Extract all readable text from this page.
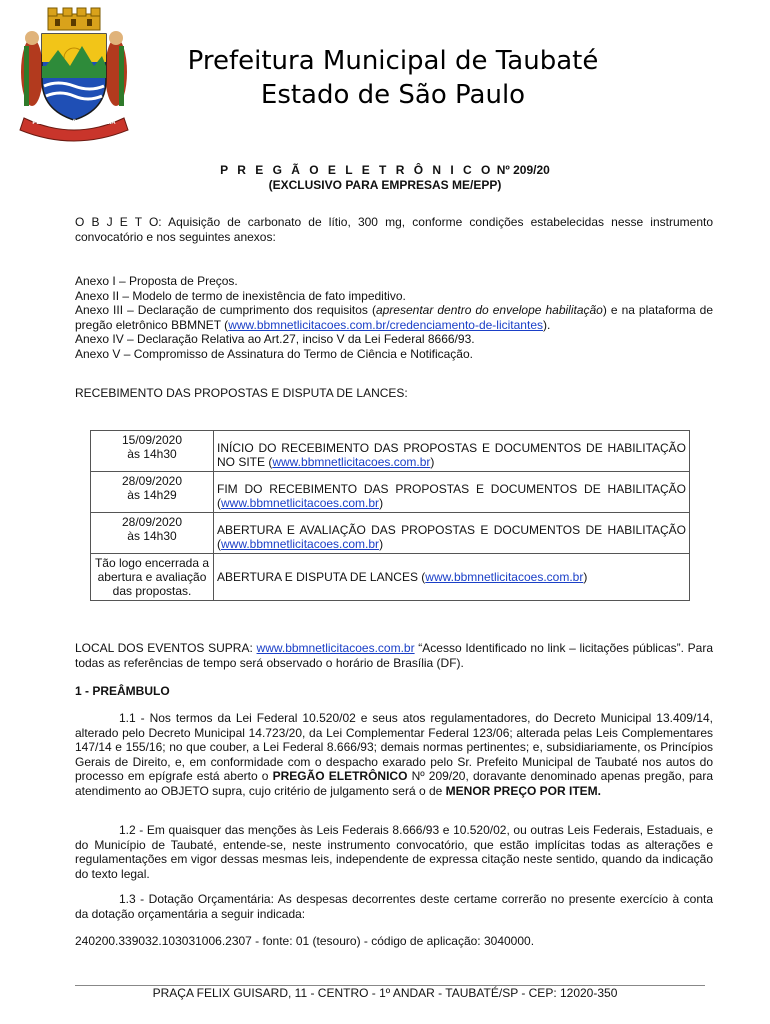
PER ASPERA PRO BRASILIA
Prefeitura Municipal de Taubaté
Estado de São Paulo
P R E G Ã O E L E T R Ô N I C O Nº 209/20
(EXCLUSIVO PARA EMPRESAS ME/EPP)
O B J E T O: Aquisição de carbonato de lítio, 300 mg, conforme condições estabelecidas nesse instrumento convocatório e nos seguintes anexos:
Anexo I – Proposta de Preços.
Anexo II – Modelo de termo de inexistência de fato impeditivo.
Anexo III – Declaração de cumprimento dos requisitos (apresentar dentro do envelope habilitação) e na plataforma de pregão eletrônico BBMNET (www.bbmnetlicitacoes.com.br/credenciamento-de-licitantes).
Anexo IV – Declaração Relativa ao Art.27, inciso V da Lei Federal 8666/93.
Anexo V – Compromisso de Assinatura do Termo de Ciência e Notificação.
RECEBIMENTO DAS PROPOSTAS E DISPUTA DE LANCES:
15/09/2020
às 14h30	INÍCIO DO RECEBIMENTO DAS PROPOSTAS E DOCUMENTOS DE HABILITAÇÃO NO SITE (www.bbmnetlicitacoes.com.br)

28/09/2020
às 14h29	FIM DO RECEBIMENTO DAS PROPOSTAS E DOCUMENTOS DE HABILITAÇÃO (www.bbmnetlicitacoes.com.br)

28/09/2020
às 14h30	ABERTURA E AVALIAÇÃO DAS PROPOSTAS E DOCUMENTOS DE HABILITAÇÃO (www.bbmnetlicitacoes.com.br)

Tão logo encerrada a abertura e avaliação das propostas.	ABERTURA E DISPUTA DE LANCES (www.bbmnetlicitacoes.com.br)
LOCAL DOS EVENTOS SUPRA: www.bbmnetlicitacoes.com.br “Acesso Identificado no link – licitações públicas”. Para todas as referências de tempo será observado o horário de Brasília (DF).
1 - PREÂMBULO
1.1 - Nos termos da Lei Federal 10.520/02 e seus atos regulamentadores, do Decreto Municipal 13.409/14, alterado pelo Decreto Municipal 14.723/20, da Lei Complementar Federal 123/06; alterada pelas Leis Complementares 147/14 e 155/16; no que couber, a Lei Federal 8.666/93; demais normas pertinentes; e, subsidiariamente, os Princípios Gerais de Direito, e, em conformidade com o despacho exarado pelo Sr. Prefeito Municipal de Taubaté nos autos do processo em epígrafe está aberto o PREGÃO ELETRÔNICO Nº 209/20, doravante denominado apenas pregão, para atendimento ao OBJETO supra, cujo critério de julgamento será o de MENOR PREÇO POR ITEM.
1.2 - Em quaisquer das menções às Leis Federais 8.666/93 e 10.520/02, ou outras Leis Federais, Estaduais, e do Município de Taubaté, entende-se, neste instrumento convocatório, que estão implícitas todas as alterações e regulamentações em vigor dessas mesmas leis, independente de expressa citação neste sentido, quando da indicação do texto legal.
1.3 - Dotação Orçamentária: As despesas decorrentes deste certame correrão no presente exercício à conta da dotação orçamentária a seguir indicada:
240200.339032.103031006.2307 - fonte: 01 (tesouro) - código de aplicação: 3040000.
PRAÇA FELIX GUISARD, 11 - CENTRO - 1º ANDAR - TAUBATÉ/SP - CEP: 12020-350
